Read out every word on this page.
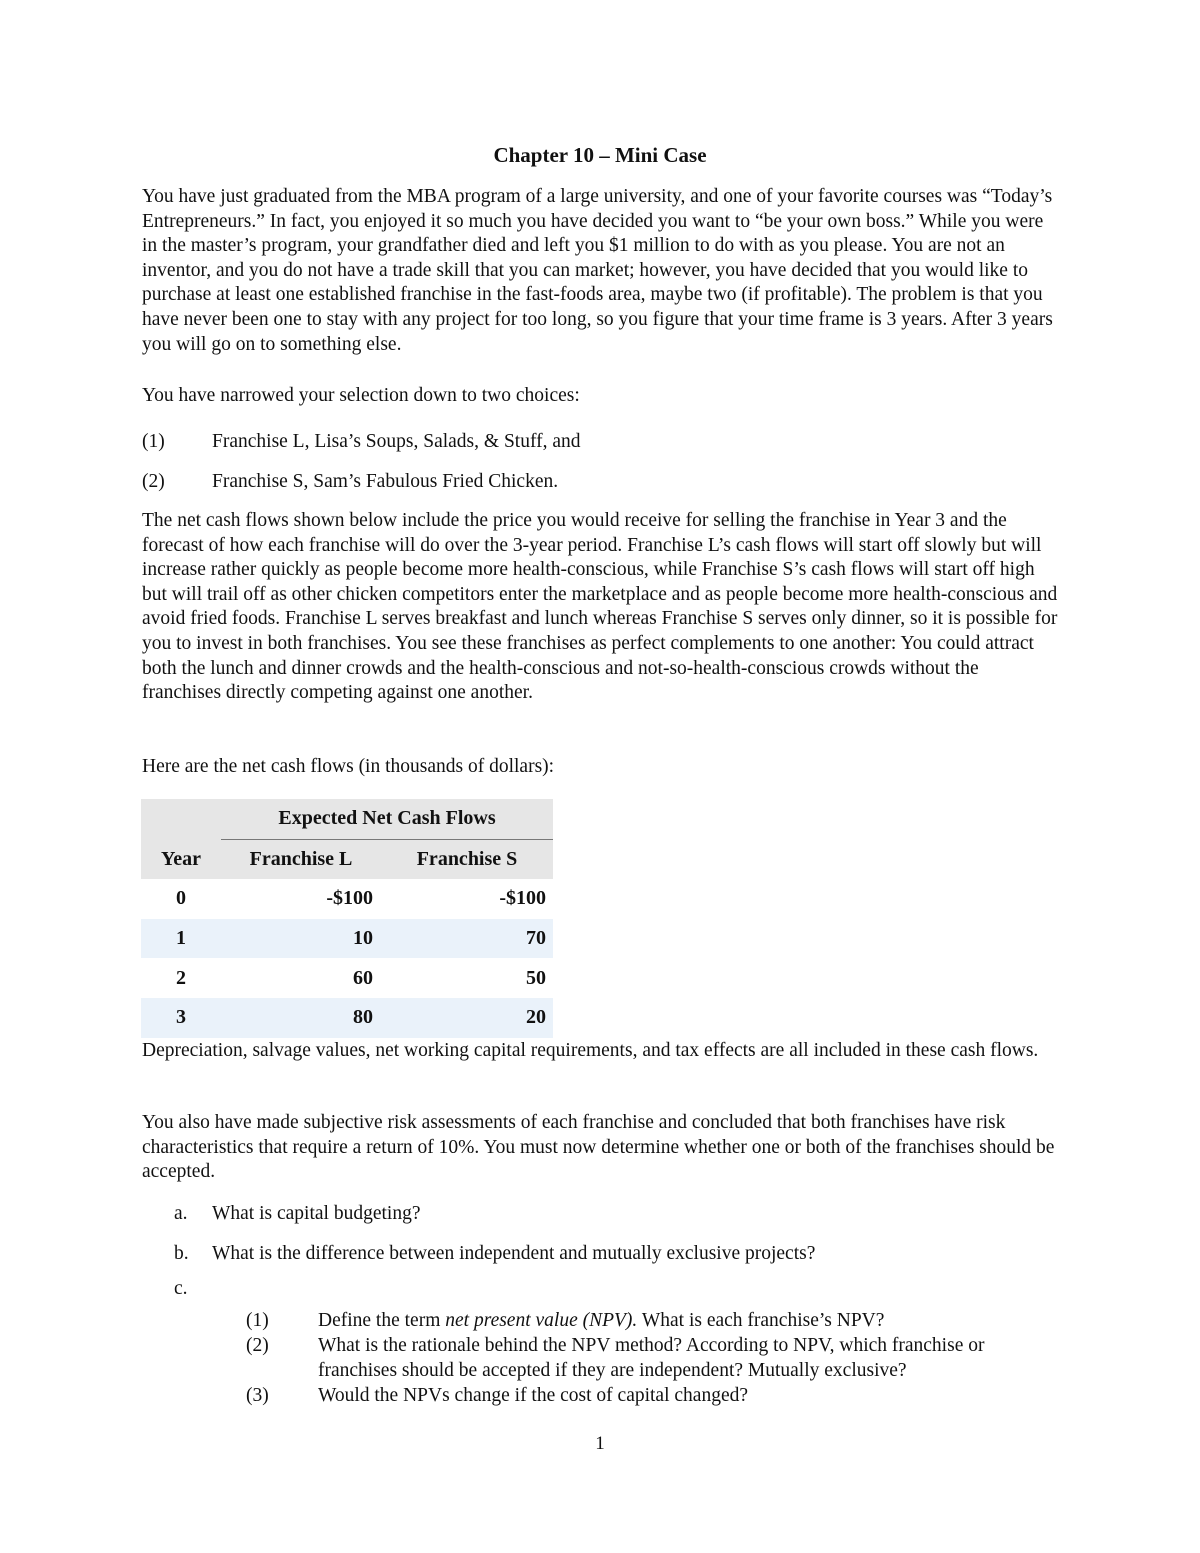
Chapter 10 – Mini Case

You have just graduated from the MBA program of a large university, and one of your favorite courses was “Today’s Entrepreneurs.” In fact, you enjoyed it so much you have decided you want to “be your own boss.” While you were in the master’s program, your grandfather died and left you $1 million to do with as you please. You are not an inventor, and you do not have a trade skill that you can market; however, you have decided that you would like to purchase at least one established franchise in the fast-foods area, maybe two (if profitable). The problem is that you have never been one to stay with any project for too long, so you figure that your time frame is 3 years. After 3 years you will go on to something else.

You have narrowed your selection down to two choices:

(1) Franchise L, Lisa’s Soups, Salads, & Stuff, and
(2) Franchise S, Sam’s Fabulous Fried Chicken.

The net cash flows shown below include the price you would receive for selling the franchise in Year 3 and the forecast of how each franchise will do over the 3-year period. Franchise L’s cash flows will start off slowly but will increase rather quickly as people become more health-conscious, while Franchise S’s cash flows will start off high but will trail off as other chicken competitors enter the marketplace and as people become more health-conscious and avoid fried foods. Franchise L serves breakfast and lunch whereas Franchise S serves only dinner, so it is possible for you to invest in both franchises. You see these franchises as perfect complements to one another: You could attract both the lunch and dinner crowds and the health-conscious and not-so-health-conscious crowds without the franchises directly competing against one another.

Here are the net cash flows (in thousands of dollars):

	Expected Net Cash Flows	
Year	Franchise L	Franchise S
0	-$100	-$100
1	10	70
2	60	50
3	80	20

Depreciation, salvage values, net working capital requirements, and tax effects are all included in these cash flows.

You also have made subjective risk assessments of each franchise and concluded that both franchises have risk characteristics that require a return of 10%. You must now determine whether one or both of the franchises should be accepted.

a. What is capital budgeting?
b. What is the difference between independent and mutually exclusive projects?
c.
(1)	Define the term net present value (NPV). What is each franchise’s NPV?
(2)	What is the rationale behind the NPV method? According to NPV, which franchise or franchises should be accepted if they are independent? Mutually exclusive?
(3)	Would the NPVs change if the cost of capital changed?
1
